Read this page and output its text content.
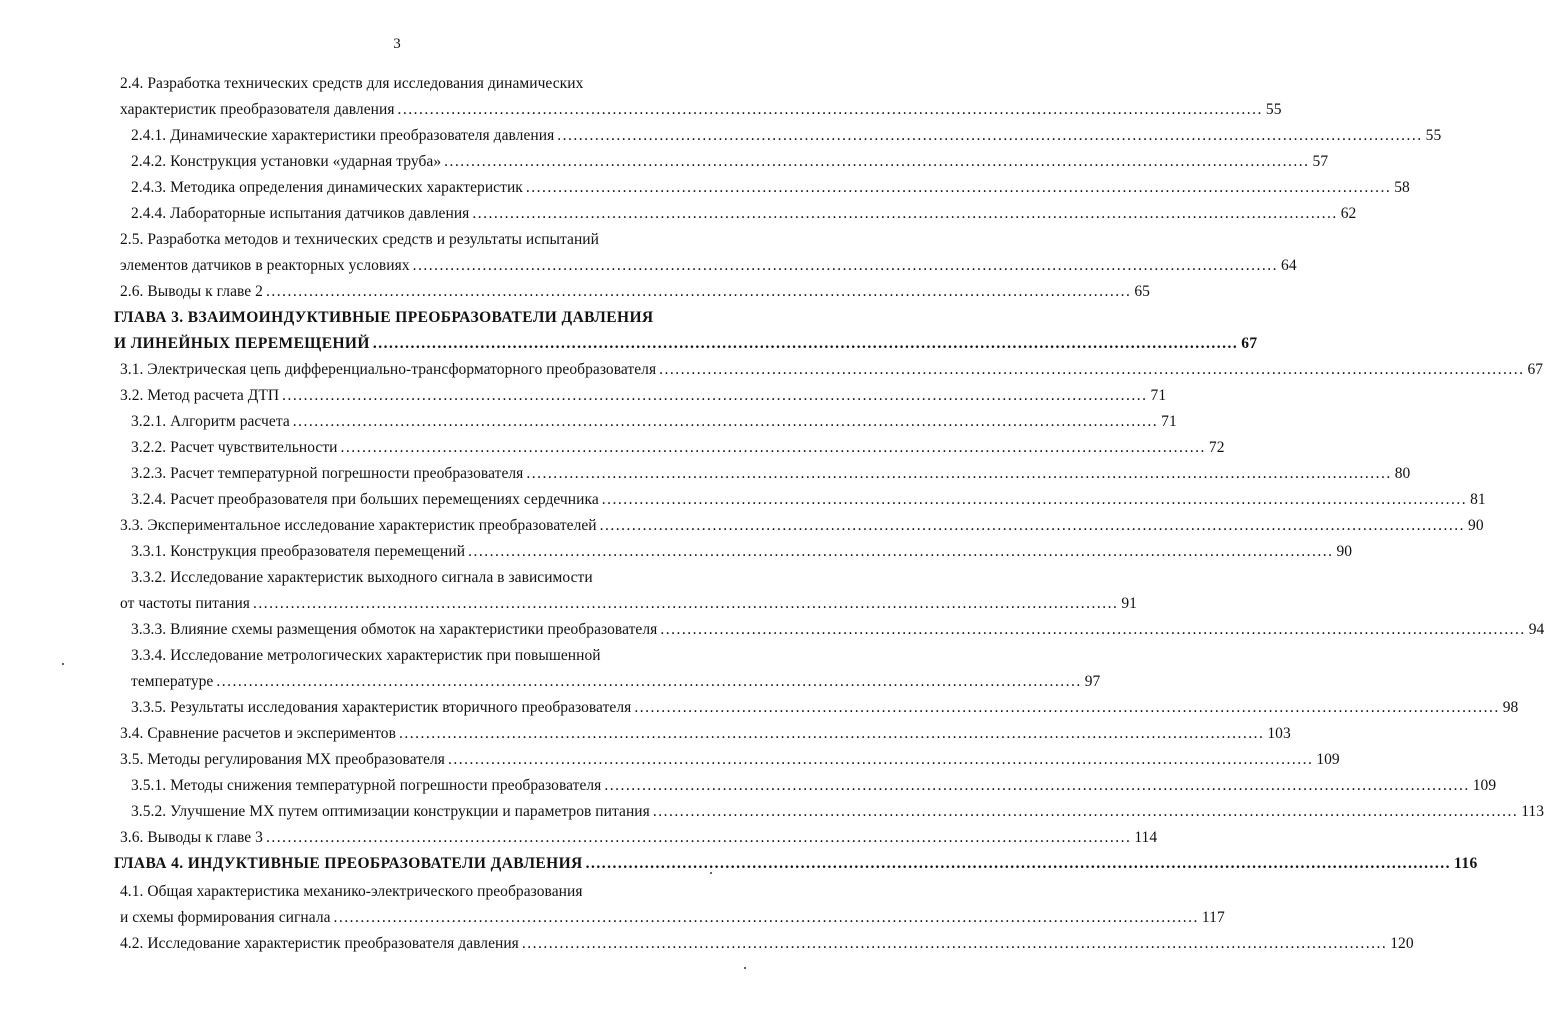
3
2.4. Разработка технических средств для исследования динамических
характеристик преобразователя давления ................................................................................................................................................................. 55
2.4.1. Динамические характеристики преобразователя давления ................................................................................................................................................................. 55
2.4.2. Конструкция установки «ударная труба» ................................................................................................................................................................. 57
2.4.3. Методика определения динамических характеристик ................................................................................................................................................................. 58
2.4.4. Лабораторные испытания датчиков давления ................................................................................................................................................................. 62
2.5. Разработка методов и технических средств и результаты испытаний
элементов датчиков в реакторных условиях ................................................................................................................................................................. 64
2.6. Выводы к главе 2 ................................................................................................................................................................. 65
ГЛАВА 3. ВЗАИМОИНДУКТИВНЫЕ ПРЕОБРАЗОВАТЕЛИ ДАВЛЕНИЯ
И ЛИНЕЙНЫХ ПЕРЕМЕЩЕНИЙ ................................................................................................................................................................. 67
3.1. Электрическая цепь дифференциально-трансформаторного преобразователя ................................................................................................................................................................. 67
3.2. Метод расчета ДТП ................................................................................................................................................................. 71
3.2.1. Алгоритм расчета ................................................................................................................................................................. 71
3.2.2. Расчет чувствительности ................................................................................................................................................................. 72
3.2.3. Расчет температурной погрешности преобразователя ................................................................................................................................................................. 80
3.2.4. Расчет преобразователя при больших перемещениях сердечника ................................................................................................................................................................. 81
3.3. Экспериментальное исследование характеристик преобразователей ................................................................................................................................................................. 90
3.3.1. Конструкция преобразователя перемещений ................................................................................................................................................................. 90
3.3.2. Исследование характеристик выходного сигнала в зависимости
от частоты питания ................................................................................................................................................................. 91
3.3.3. Влияние схемы размещения обмоток на характеристики преобразователя ................................................................................................................................................................. 94
3.3.4. Исследование метрологических характеристик при повышенной
температуре ................................................................................................................................................................. 97
3.3.5. Результаты исследования характеристик вторичного преобразователя ................................................................................................................................................................. 98
3.4. Сравнение расчетов и экспериментов ................................................................................................................................................................. 103
3.5. Методы регулирования МХ преобразователя ................................................................................................................................................................. 109
3.5.1. Методы снижения температурной погрешности преобразователя ................................................................................................................................................................. 109
3.5.2. Улучшение МХ путем оптимизации конструкции и параметров питания ................................................................................................................................................................. 113
3.6. Выводы к главе 3 ................................................................................................................................................................. 114
ГЛАВА 4. ИНДУКТИВНЫЕ ПРЕОБРАЗОВАТЕЛИ ДАВЛЕНИЯ ................................................................................................................................................................. 116
4.1. Общая характеристика механико-электрического преобразования
и схемы формирования сигнала ................................................................................................................................................................. 117
4.2. Исследование характеристик преобразователя давления ................................................................................................................................................................. 120
